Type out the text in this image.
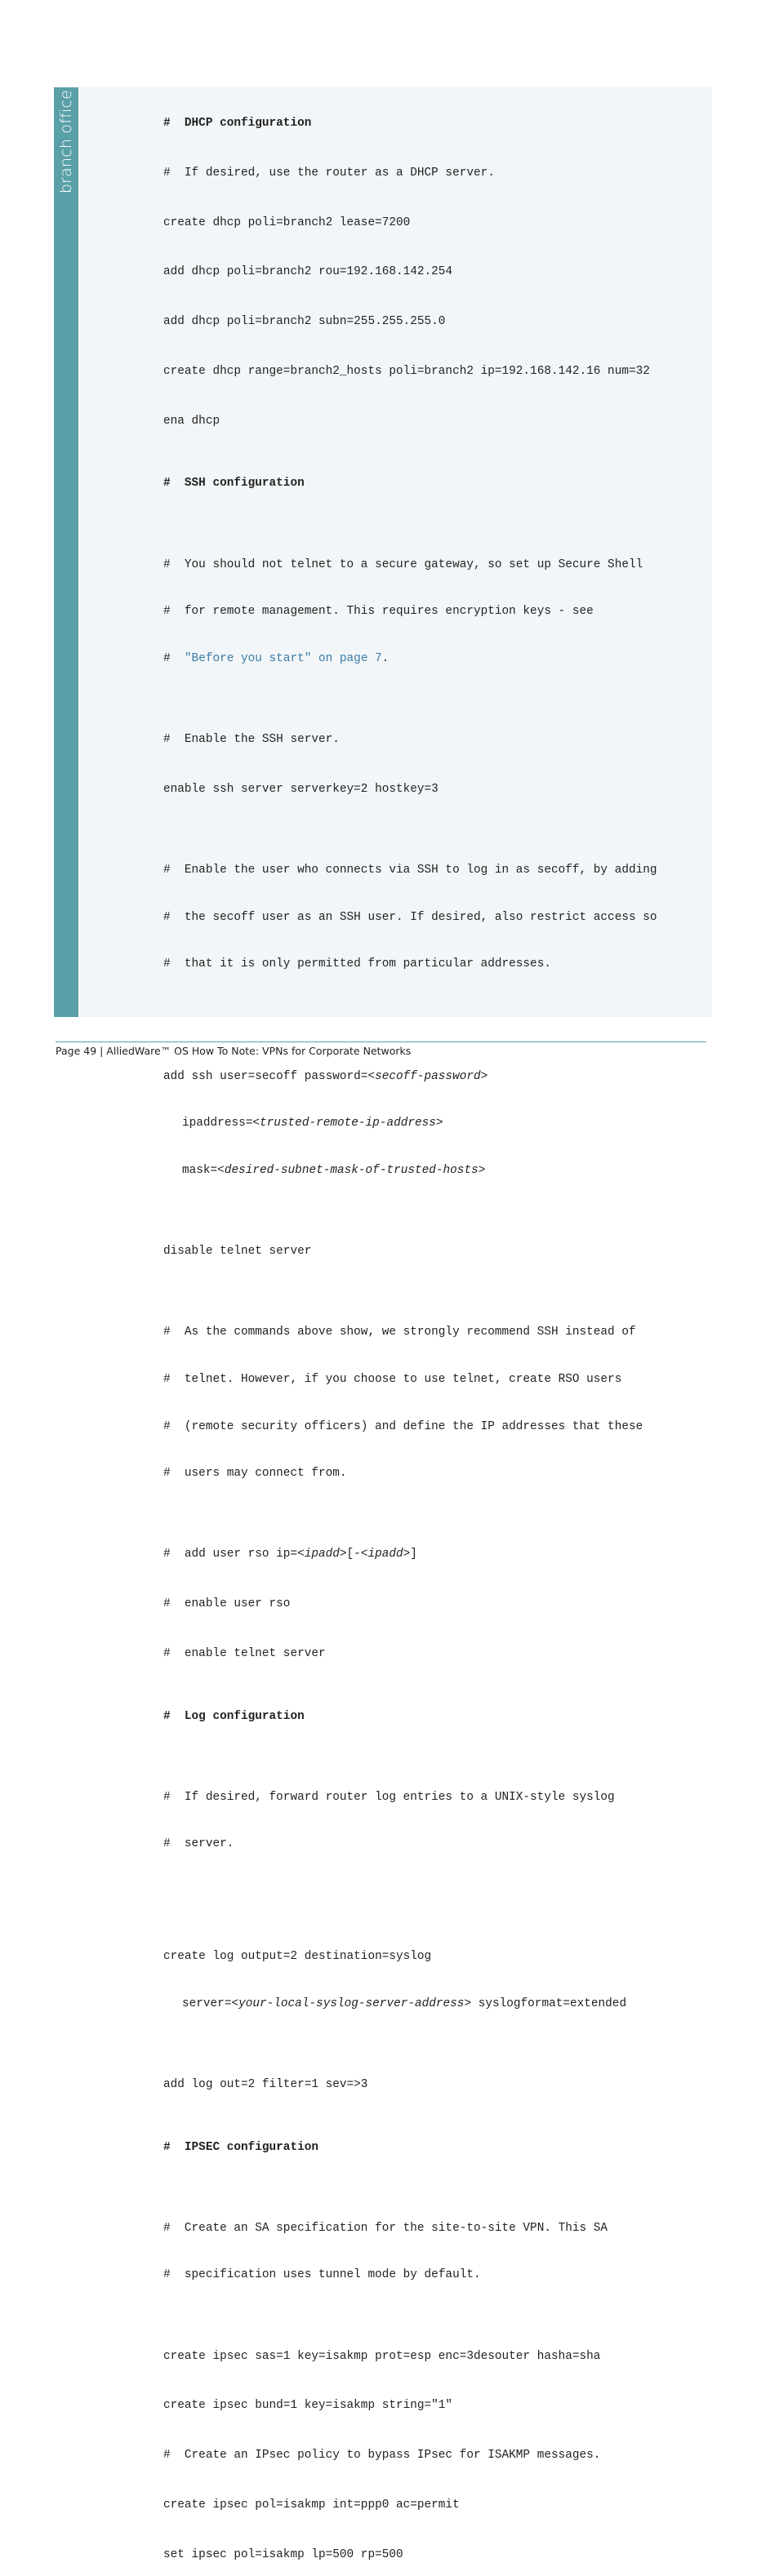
branch office

	#  DHCP configuration

#  If desired, use the router as a DHCP server.

create dhcp poli=branch2 lease=7200

add dhcp poli=branch2 rou=192.168.142.254

add dhcp poli=branch2 subn=255.255.255.0

create dhcp range=branch2_hosts poli=branch2 ip=192.168.142.16 num=32

ena dhcp

#  SSH configuration

#  You should not telnet to a secure gateway, so set up Secure Shell

#  for remote management. This requires encryption keys - see

#  "Before you start" on page 7.

#  Enable the SSH server.

enable ssh server serverkey=2 hostkey=3

#  Enable the user who connects via SSH to log in as secoff, by adding

#  the secoff user as an SSH user. If desired, also restrict access so

#  that it is only permitted from particular addresses.

add ssh user=secoff password=<secoff-password>

ipaddress=<trusted-remote-ip-address>

mask=<desired-subnet-mask-of-trusted-hosts>

disable telnet server

#  As the commands above show, we strongly recommend SSH instead of

#  telnet. However, if you choose to use telnet, create RSO users

#  (remote security officers) and define the IP addresses that these

#  users may connect from.

#  add user rso ip=<ipadd>[-<ipadd>]

#  enable user rso

#  enable telnet server

#  Log configuration

#  If desired, forward router log entries to a UNIX-style syslog

#  server.

create log output=2 destination=syslog

server=<your-local-syslog-server-address> syslogformat=extended

add log out=2 filter=1 sev=>3

#  IPSEC configuration

#  Create an SA specification for the site-to-site VPN. This SA

#  specification uses tunnel mode by default.

create ipsec sas=1 key=isakmp prot=esp enc=3desouter hasha=sha

create ipsec bund=1 key=isakmp string="1"

#  Create an IPsec policy to bypass IPsec for ISAKMP messages.

create ipsec pol=isakmp int=ppp0 ac=permit

set ipsec pol=isakmp lp=500 rp=500

Page 49 | AlliedWare™ OS How To Note: VPNs for Corporate Networks
